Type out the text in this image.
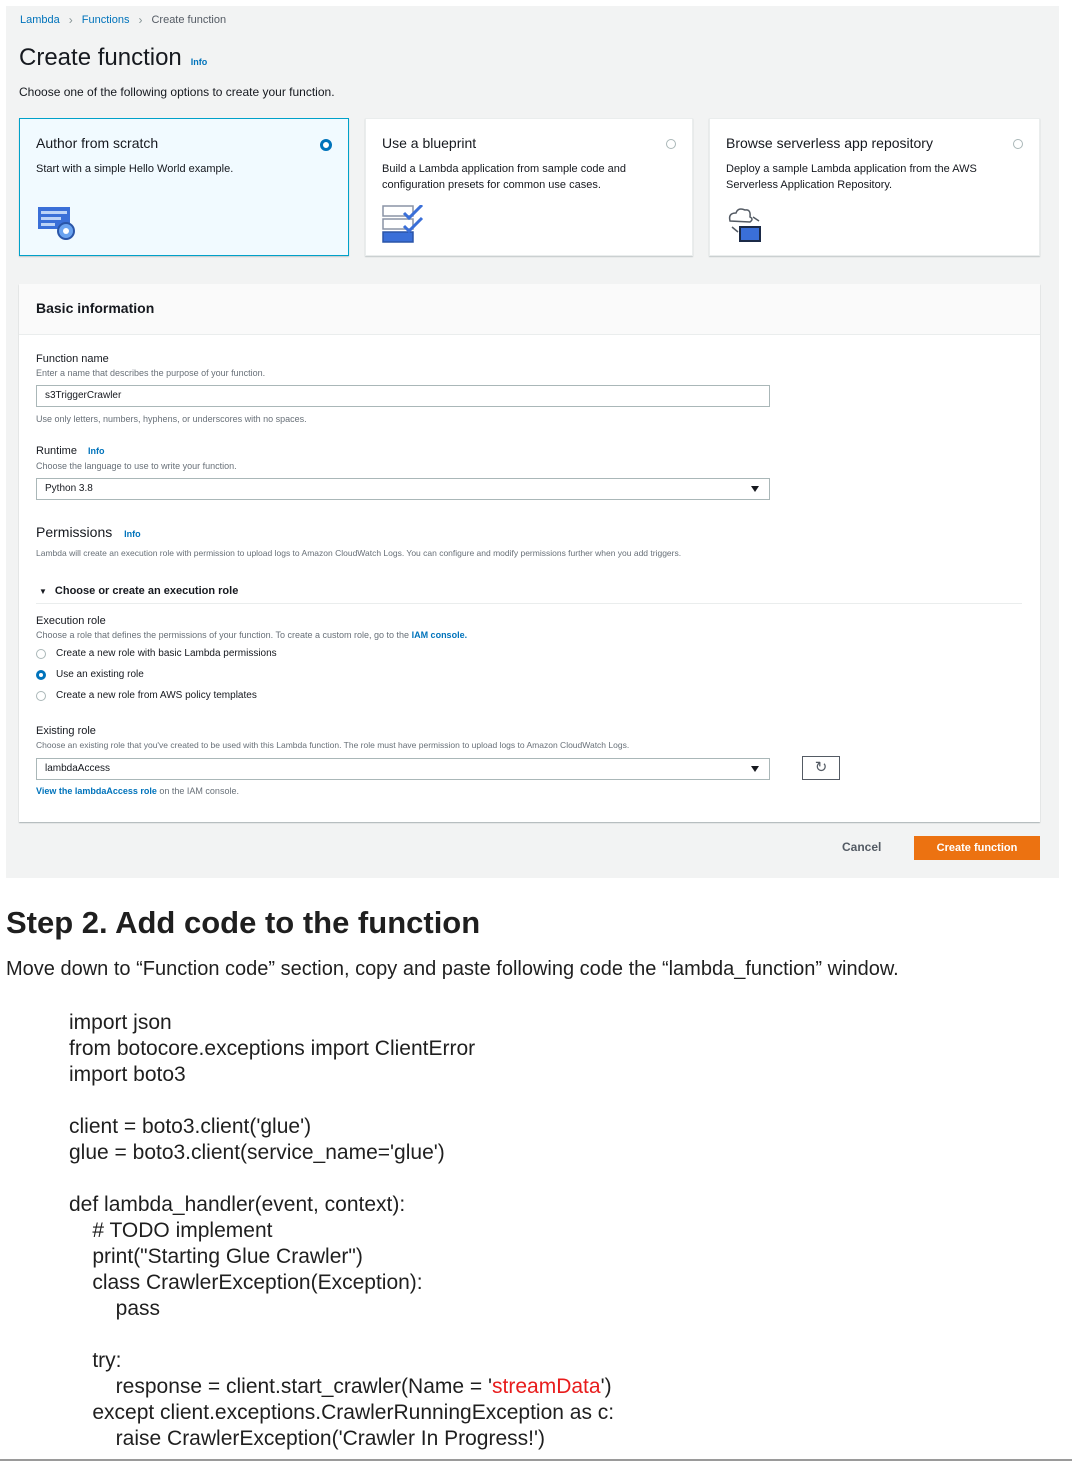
Lambda › Functions › Create function
Create function Info
Choose one of the following options to create your function.
Author from scratch
Start with a simple Hello World example.
Use a blueprint
Build a Lambda application from sample code and configuration presets for common use cases.
Browse serverless app repository
Deploy a sample Lambda application from the AWS Serverless Application Repository.
Basic information
Function name
Enter a name that describes the purpose of your function.
s3TriggerCrawler
Use only letters, numbers, hyphens, or underscores with no spaces.
Runtime Info
Choose the language to use to write your function.
Python 3.8
Permissions Info
Lambda will create an execution role with permission to upload logs to Amazon CloudWatch Logs. You can configure and modify permissions further when you add triggers.
▼ Choose or create an execution role
Execution role
Choose a role that defines the permissions of your function. To create a custom role, go to the IAM console.
Create a new role with basic Lambda permissions
Use an existing role
Create a new role from AWS policy templates
Existing role
Choose an existing role that you've created to be used with this Lambda function. The role must have permission to upload logs to Amazon CloudWatch Logs.
lambdaAccess	↻
View the lambdaAccess role on the IAM console.
Cancel	Create function
Step 2. Add code to the function
Move down to “Function code” section, copy and paste following code the “lambda_function” window.
import json
from botocore.exceptions import ClientError
import boto3

client = boto3.client('glue')
glue = boto3.client(service_name='glue')

def lambda_handler(event, context):
# TODO implement
print("Starting Glue Crawler")
class CrawlerException(Exception):
pass

try:
response = client.start_crawler(Name = 'streamData')
except client.exceptions.CrawlerRunningException as c:
raise CrawlerException('Crawler In Progress!')
